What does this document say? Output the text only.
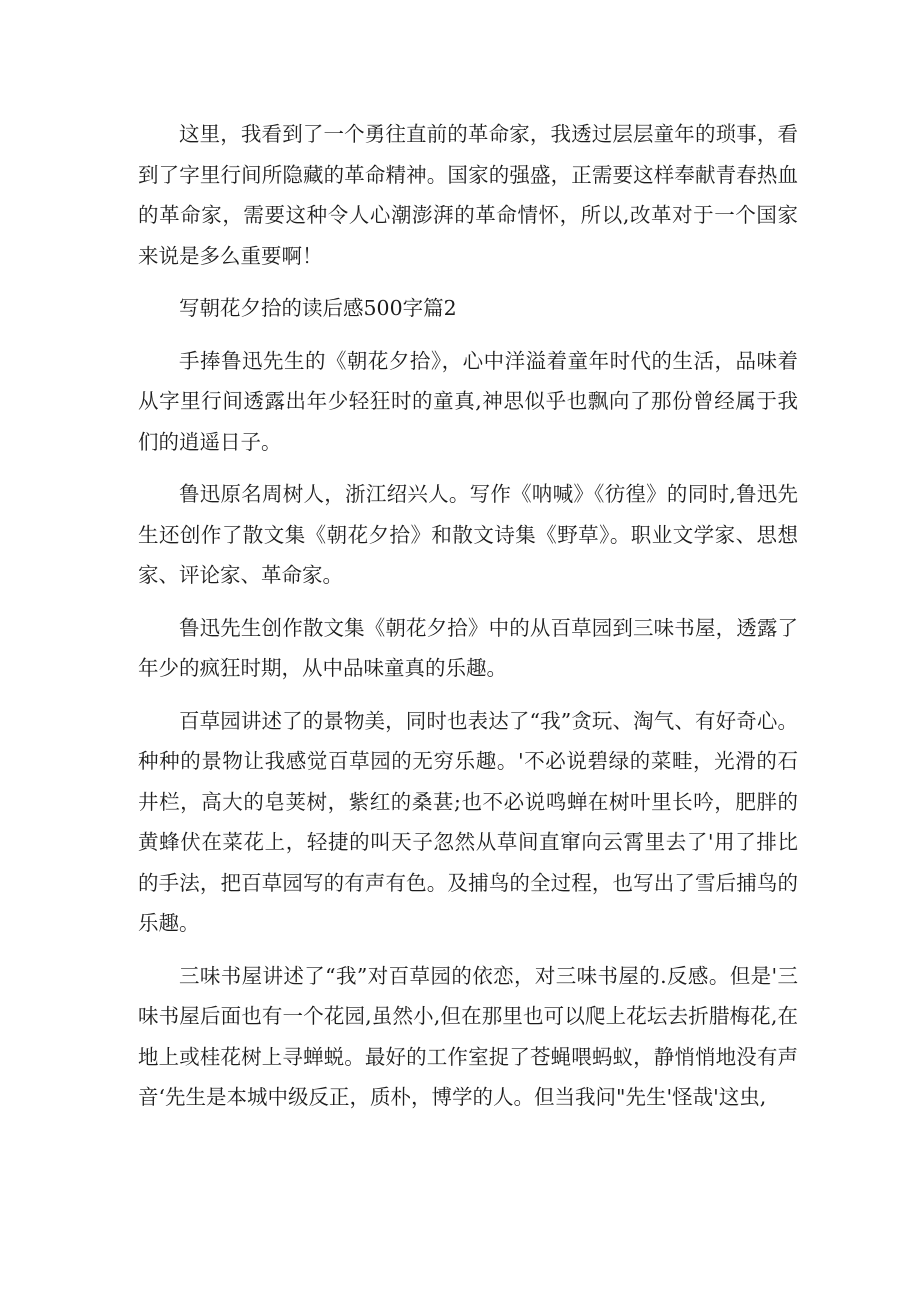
这里，我看到了一个勇往直前的革命家，我透过层层童年的琐事，看到了字里行间所隐藏的革命精神。国家的强盛，正需要这样奉献青春热血的革命家，需要这种令人心潮澎湃的革命情怀，所以,改革对于一个国家来说是多么重要啊！

写朝花夕拾的读后感500字篇2

手捧鲁迅先生的《朝花夕拾》，心中洋溢着童年时代的生活，品味着从字里行间透露出年少轻狂时的童真,神思似乎也飘向了那份曾经属于我们的逍遥日子。

鲁迅原名周树人，浙江绍兴人。写作《呐喊》《彷徨》的同时,鲁迅先生还创作了散文集《朝花夕拾》和散文诗集《野草》。职业文学家、思想家、评论家、革命家。

鲁迅先生创作散文集《朝花夕拾》中的从百草园到三味书屋，透露了年少的疯狂时期，从中品味童真的乐趣。

百草园讲述了的景物美，同时也表达了“我”贪玩、淘气、有好奇心。种种的景物让我感觉百草园的无穷乐趣。'不必说碧绿的菜畦，光滑的石井栏，高大的皂荚树，紫红的桑葚;也不必说鸣蝉在树叶里长吟，肥胖的黄蜂伏在菜花上，轻捷的叫天子忽然从草间直窜向云霄里去了'用了排比的手法，把百草园写的有声有色。及捕鸟的全过程，也写出了雪后捕鸟的乐趣。

三味书屋讲述了“我”对百草园的依恋，对三味书屋的.反感。但是'三味书屋后面也有一个花园,虽然小,但在那里也可以爬上花坛去折腊梅花,在地上或桂花树上寻蝉蜕。最好的工作室捉了苍蝇喂蚂蚁，静悄悄地没有声音‘先生是本城中级反正，质朴，博学的人。但当我问"先生'怪哉'这虫,
